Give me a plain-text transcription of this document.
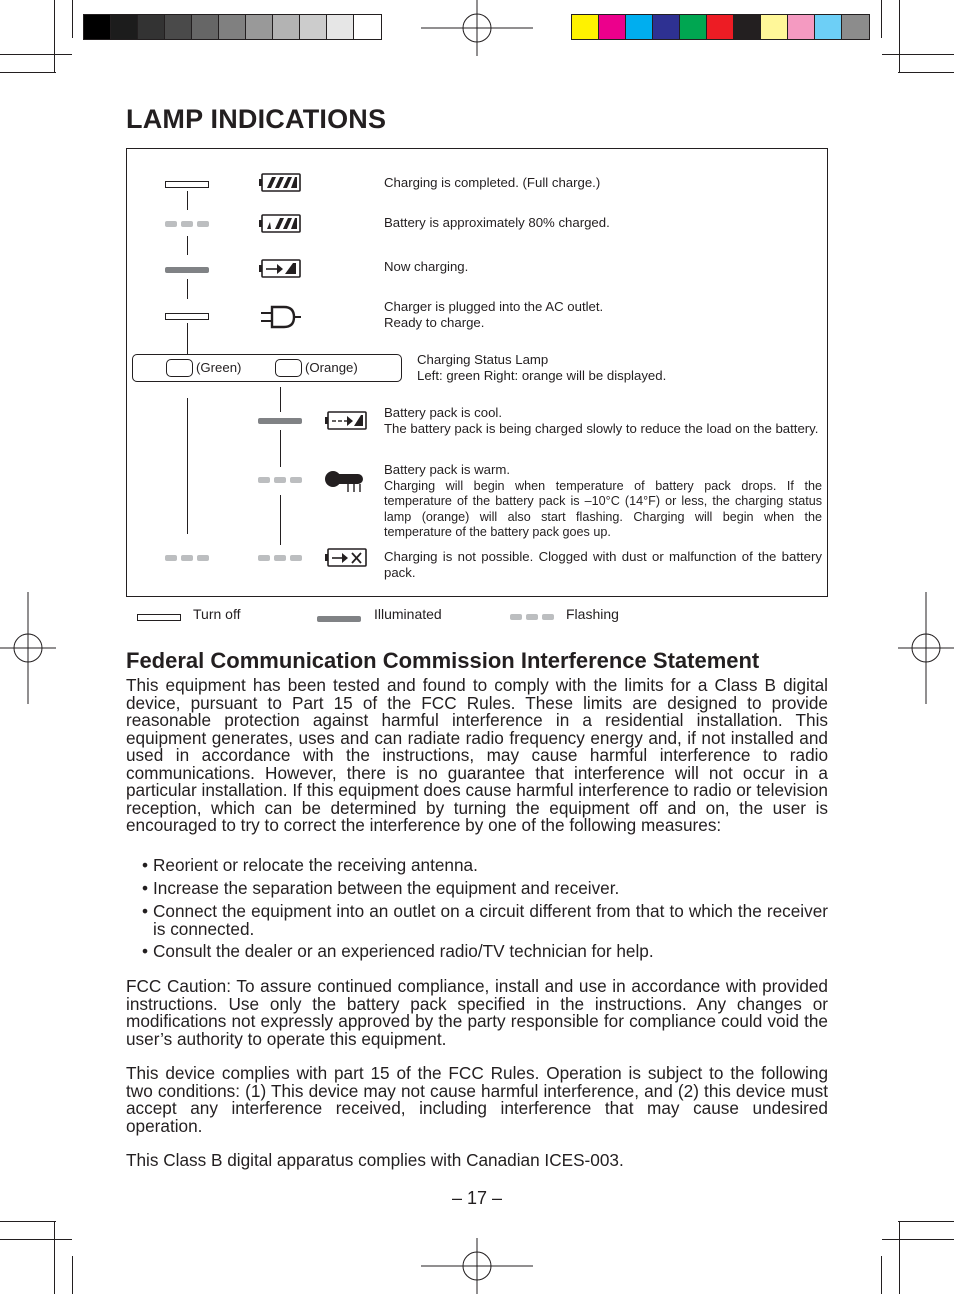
LAMP INDICATIONS
Charging is completed. (Full charge.)
Battery is approximately 80% charged.
Now charging.
Charger is plugged into the AC outlet.
Ready to charge.
(Green)	(Orange)
Charging Status Lamp
Left: green Right: orange will be displayed.
Battery pack is cool.
The battery pack is being charged slowly to reduce the load on the battery.
Battery pack is warm.
Charging will begin when temperature of battery pack drops. If the temperature of the battery pack is –10°C (14°F) or less, the charging status lamp (orange) will also start flashing. Charging will begin when the temperature of the battery pack goes up.
Charging is not possible. Clogged with dust or malfunction of the battery pack.
Turn off	Illuminated	Flashing
Federal Communication Commission Interference Statement

This equipment has been tested and found to comply with the limits for a Class B digital device, pursuant to Part 15 of the FCC Rules. These limits are designed to provide reasonable protection against harmful interference in a residential installation. This equipment generates, uses and can radiate radio frequency energy and, if not installed and used in accordance with the instructions, may cause harmful interference to radio communications. However, there is no guarantee that interference will not occur in a particular installation. If this equipment does cause harmful interference to radio or television reception, which can be determined by turning the equipment off and on, the user is encouraged to try to correct the interference by one of the following measures:

• Reorient or relocate the receiving antenna.
• Increase the separation between the equipment and receiver.
• Connect the equipment into an outlet on a circuit different from that to which the receiver is connected.
• Consult the dealer or an experienced radio/TV technician for help.

FCC Caution: To assure continued compliance, install and use in accordance with provided instructions. Use only the battery pack specified in the instructions. Any changes or modifications not expressly approved by the party responsible for compliance could void the user’s authority to operate this equipment.

This device complies with part 15 of the FCC Rules. Operation is subject to the following two conditions: (1) This device may not cause harmful interference, and (2) this device must accept any interference received, including interference that may cause undesired operation.

This Class B digital apparatus complies with Canadian ICES-003.

– 17 –
